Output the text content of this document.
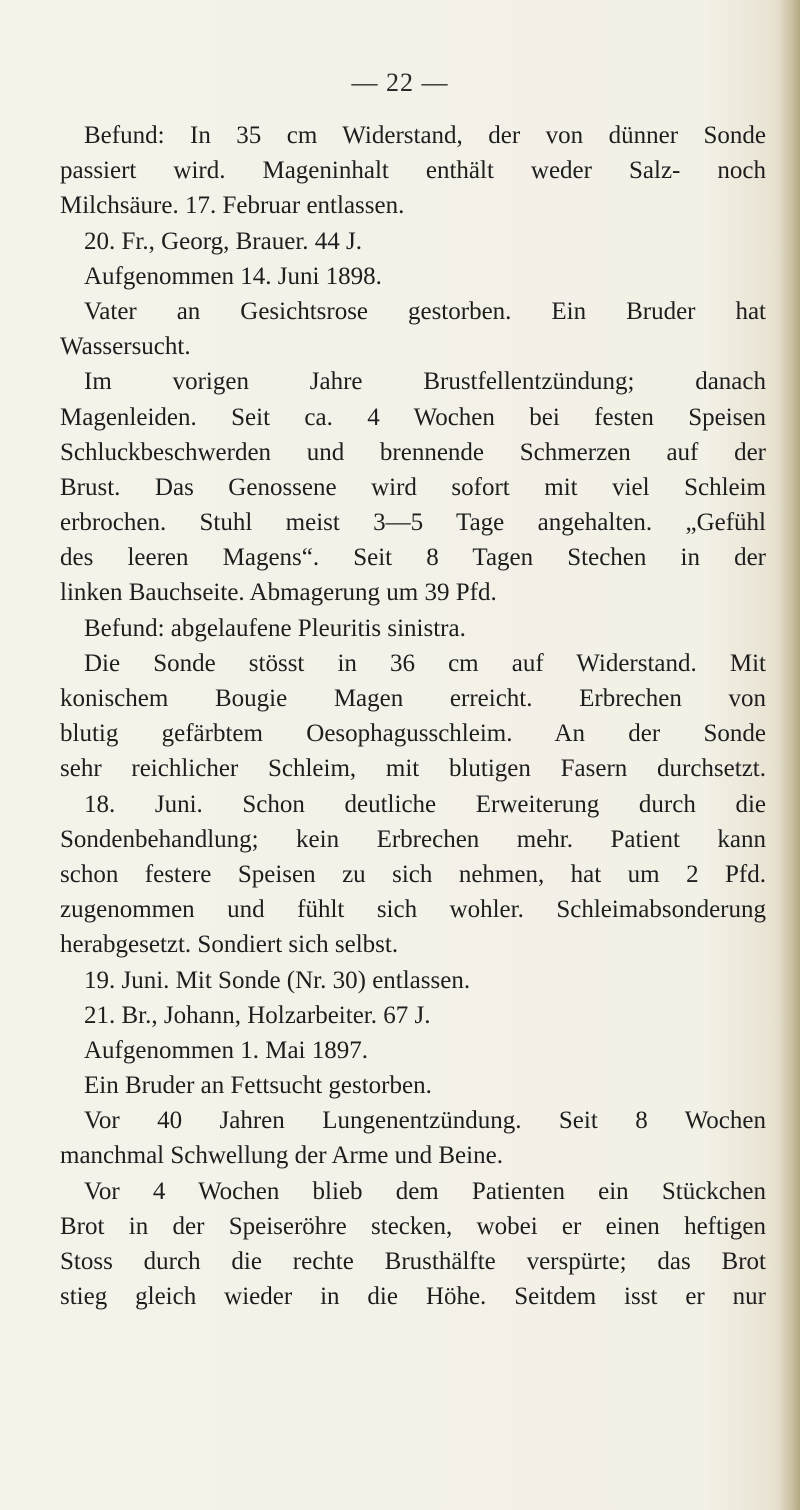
— 22 —
Befund: In 35 cm Widerstand, der von dünner Sonde
passiert wird. Mageninhalt enthält weder Salz- noch
Milchsäure. 17. Februar entlassen.
20. Fr., Georg, Brauer. 44 J.
Aufgenommen 14. Juni 1898.
Vater an Gesichtsrose gestorben. Ein Bruder hat
Wassersucht.
Im vorigen Jahre Brustfellentzündung; danach
Magenleiden. Seit ca. 4 Wochen bei festen Speisen
Schluckbeschwerden und brennende Schmerzen auf der
Brust. Das Genossene wird sofort mit viel Schleim
erbrochen. Stuhl meist 3—5 Tage angehalten. „Gefühl
des leeren Magens“. Seit 8 Tagen Stechen in der
linken Bauchseite. Abmagerung um 39 Pfd.
Befund: abgelaufene Pleuritis sinistra.
Die Sonde stösst in 36 cm auf Widerstand. Mit
konischem Bougie Magen erreicht. Erbrechen von
blutig gefärbtem Oesophagusschleim. An der Sonde
sehr reichlicher Schleim, mit blutigen Fasern durchsetzt.
18. Juni. Schon deutliche Erweiterung durch die
Sondenbehandlung; kein Erbrechen mehr. Patient kann
schon festere Speisen zu sich nehmen, hat um 2 Pfd.
zugenommen und fühlt sich wohler. Schleimabsonderung
herabgesetzt. Sondiert sich selbst.
19. Juni. Mit Sonde (Nr. 30) entlassen.
21. Br., Johann, Holzarbeiter. 67 J.
Aufgenommen 1. Mai 1897.
Ein Bruder an Fettsucht gestorben.
Vor 40 Jahren Lungenentzündung. Seit 8 Wochen
manchmal Schwellung der Arme und Beine.
Vor 4 Wochen blieb dem Patienten ein Stückchen
Brot in der Speiseröhre stecken, wobei er einen heftigen
Stoss durch die rechte Brusthälfte verspürte; das Brot
stieg gleich wieder in die Höhe. Seitdem isst er nur
